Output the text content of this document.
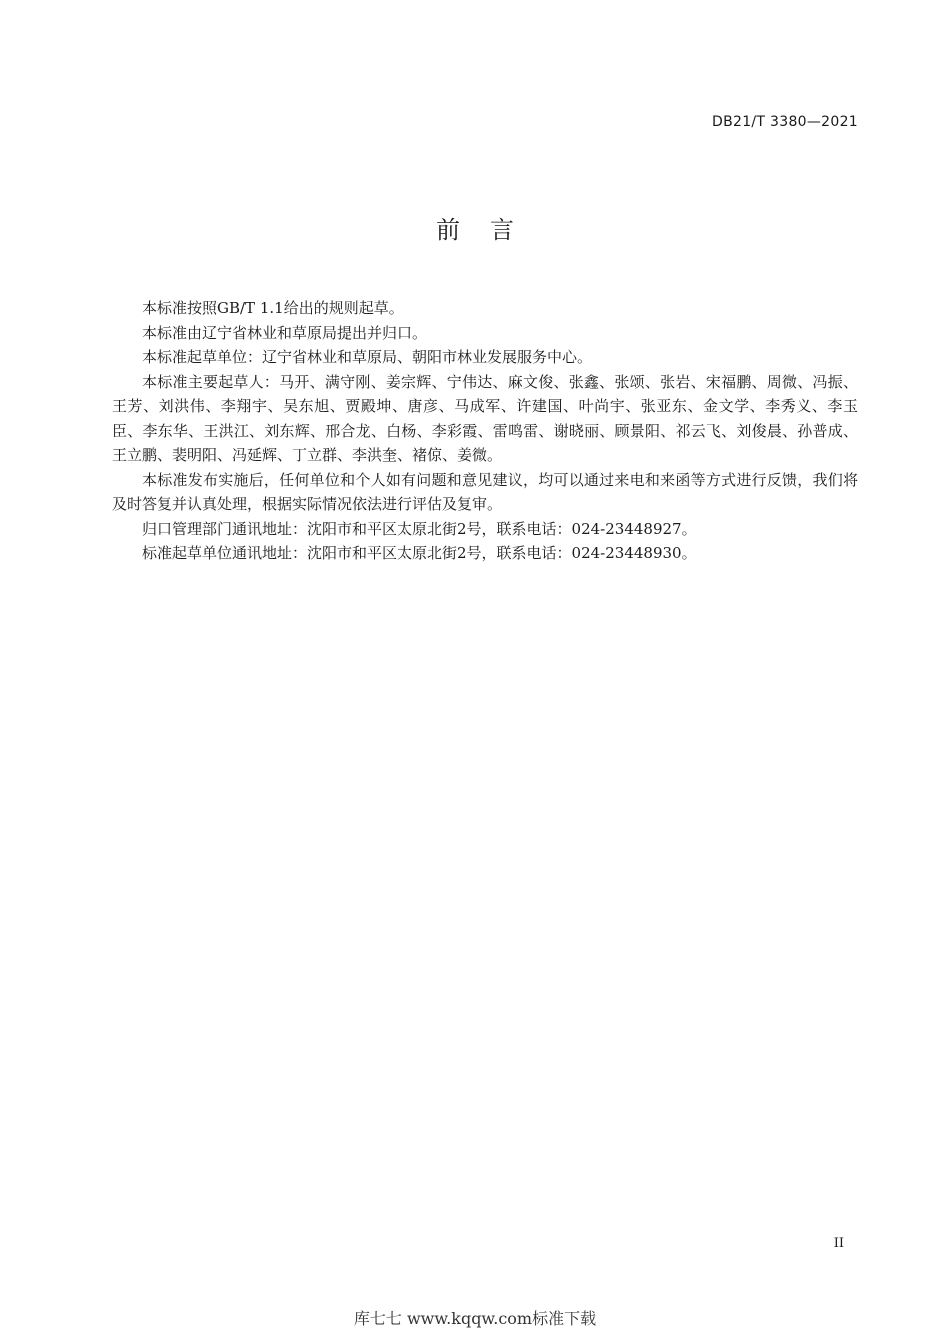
DB21/T 3380—2021
前言

本标准按照GB/T 1.1给出的规则起草。

本标准由辽宁省林业和草原局提出并归口。

本标准起草单位：辽宁省林业和草原局、朝阳市林业发展服务中心。

本标准主要起草人：马开、满守刚、姜宗辉、宁伟达、麻文俊、张鑫、张颂、张岩、宋福鹏、周微、冯振、王芳、刘洪伟、李翔宇、吴东旭、贾殿坤、唐彦、马成军、许建国、叶尚宇、张亚东、金文学、李秀义、李玉臣、李东华、王洪江、刘东辉、邢合龙、白杨、李彩霞、雷鸣雷、谢晓丽、顾景阳、祁云飞、刘俊晨、孙普成、王立鹏、裴明阳、冯延辉、丁立群、李洪奎、褚倞、姜微。

本标准发布实施后，任何单位和个人如有问题和意见建议，均可以通过来电和来函等方式进行反馈，我们将及时答复并认真处理，根据实际情况依法进行评估及复审。

归口管理部门通讯地址：沈阳市和平区太原北街2号，联系电话：024-23448927。

标准起草单位通讯地址：沈阳市和平区太原北街2号，联系电话：024-23448930。

II
库七七 www.kqqw.com标准下载
